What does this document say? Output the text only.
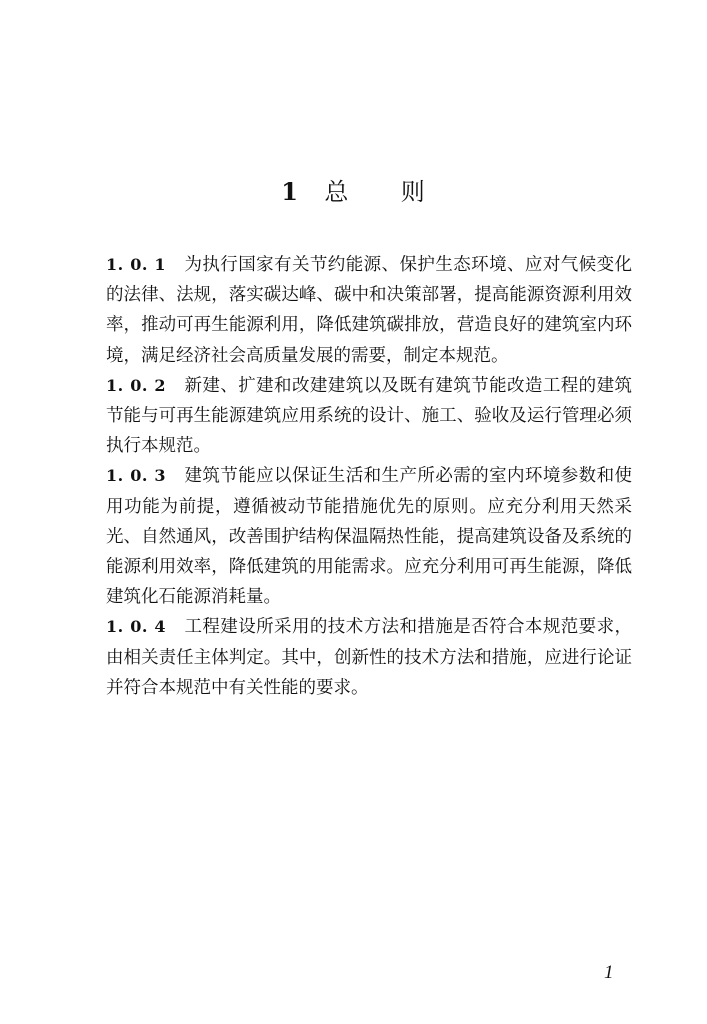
1 总 则

1. 0. 1 为执行国家有关节约能源、保护生态环境、应对气候变化的法律、法规，落实碳达峰、碳中和决策部署，提高能源资源利用效率，推动可再生能源利用，降低建筑碳排放，营造良好的建筑室内环境，满足经济社会高质量发展的需要，制定本规范。

1. 0. 2 新建、扩建和改建建筑以及既有建筑节能改造工程的建筑节能与可再生能源建筑应用系统的设计、施工、验收及运行管理必须执行本规范。

1. 0. 3 建筑节能应以保证生活和生产所必需的室内环境参数和使用功能为前提，遵循被动节能措施优先的原则。应充分利用天然采光、自然通风，改善围护结构保温隔热性能，提高建筑设备及系统的能源利用效率，降低建筑的用能需求。应充分利用可再生能源，降低建筑化石能源消耗量。

1. 0. 4 工程建设所采用的技术方法和措施是否符合本规范要求，由相关责任主体判定。其中，创新性的技术方法和措施，应进行论证并符合本规范中有关性能的要求。

1
